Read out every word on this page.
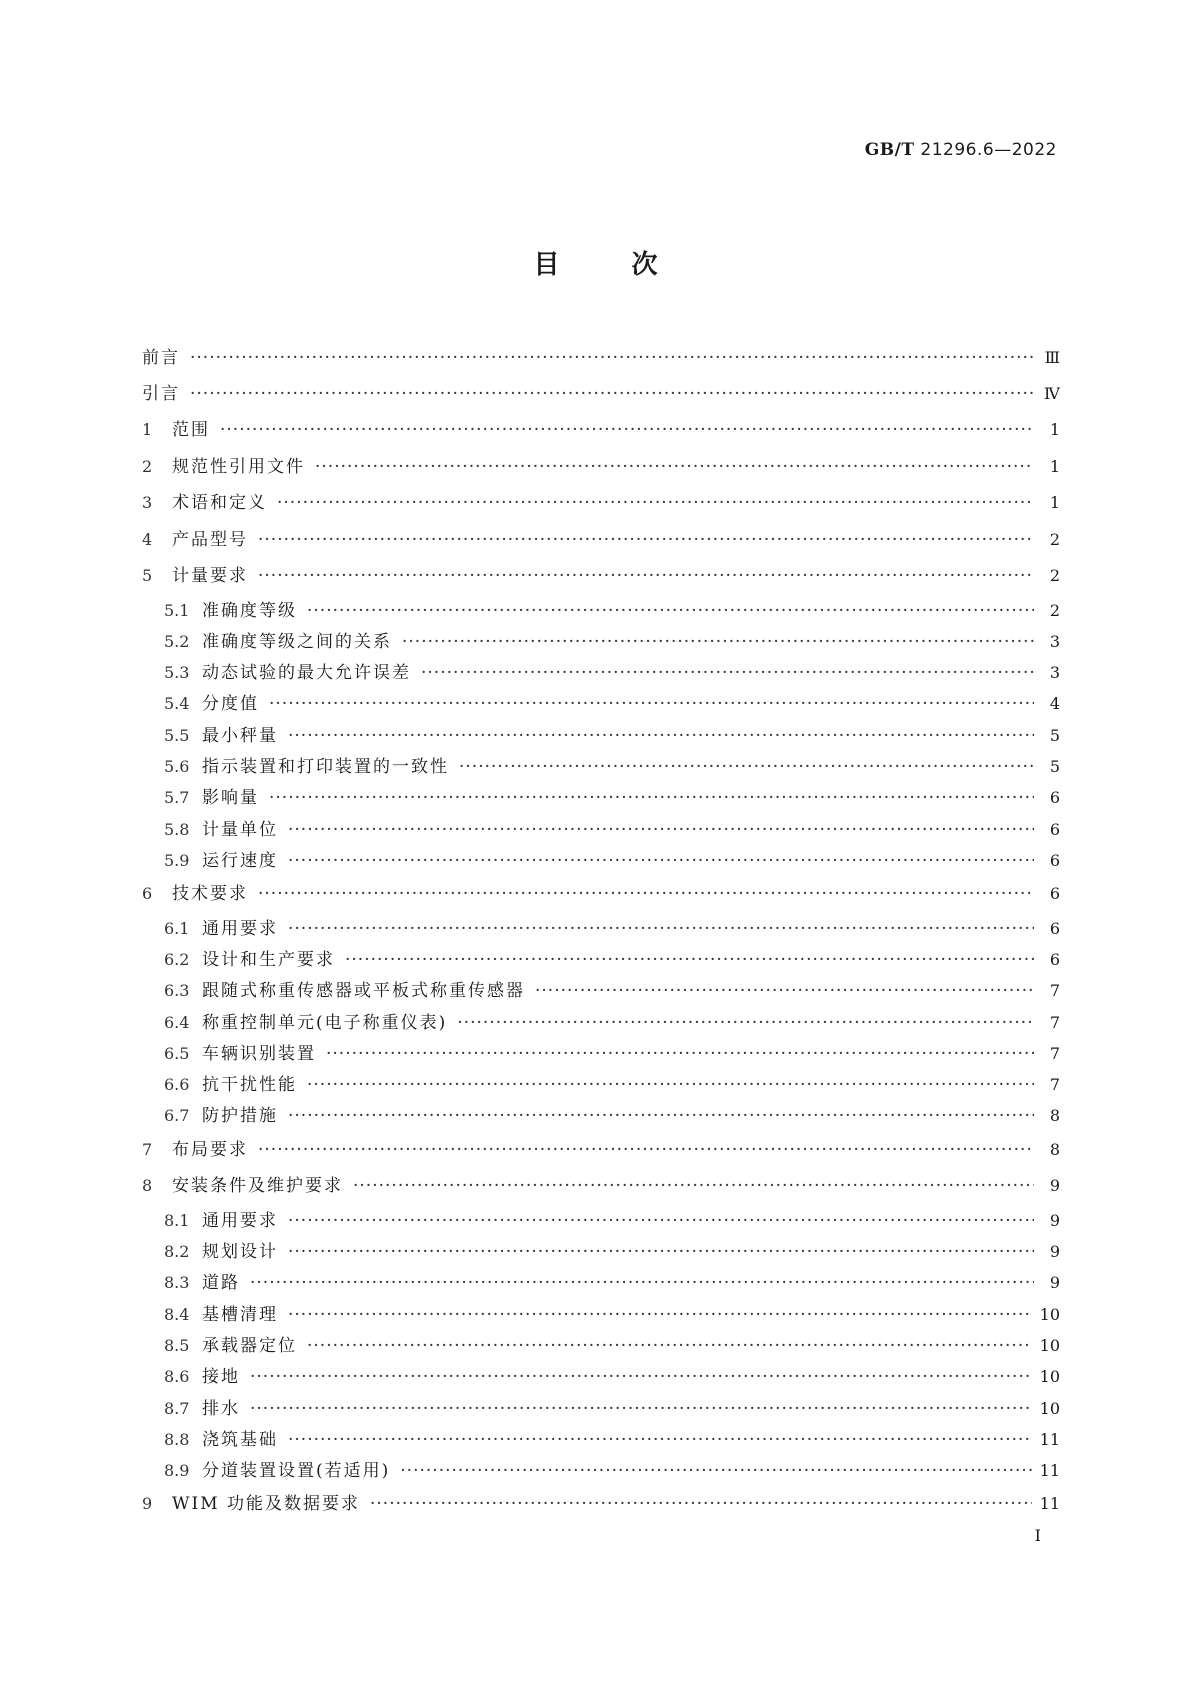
GB/T 21296.6—2022
目	次
前言 ·····	Ⅲ
引言 ·····	Ⅳ
1	范围 ·····	1
2	规范性引用文件 ·····	1
3	术语和定义 ·····	1
4	产品型号 ·····	2
5	计量要求 ·····	2
5.1 准确度等级 ·····	2
5.2 准确度等级之间的关系 ·····	3
5.3 动态试验的最大允许误差 ·····	3
5.4 分度值 ·····	4
5.5 最小秤量 ·····	5
5.6 指示装置和打印装置的一致性 ·····	5
5.7 影响量 ·····	6
5.8 计量单位 ·····	6
5.9 运行速度 ·····	6
6	技术要求 ·····	6
6.1 通用要求 ·····	6
6.2 设计和生产要求 ·····	6
6.3 跟随式称重传感器或平板式称重传感器 ·····	7
6.4 称重控制单元(电子称重仪表) ·····	7
6.5 车辆识别装置 ·····	7
6.6 抗干扰性能 ·····	7
6.7 防护措施 ·····	8
7	布局要求 ·····	8
8	安装条件及维护要求 ·····	9
8.1 通用要求 ·····	9
8.2 规划设计 ·····	9
8.3 道路 ·····	9
8.4 基槽清理 ·····	10
8.5 承载器定位 ·····	10
8.6 接地 ·····	10
8.7 排水 ·····	10
8.8 浇筑基础 ·····	11
8.9 分道装置设置(若适用) ·····	11
9	WIM 功能及数据要求 ·····	11
Ⅰ
